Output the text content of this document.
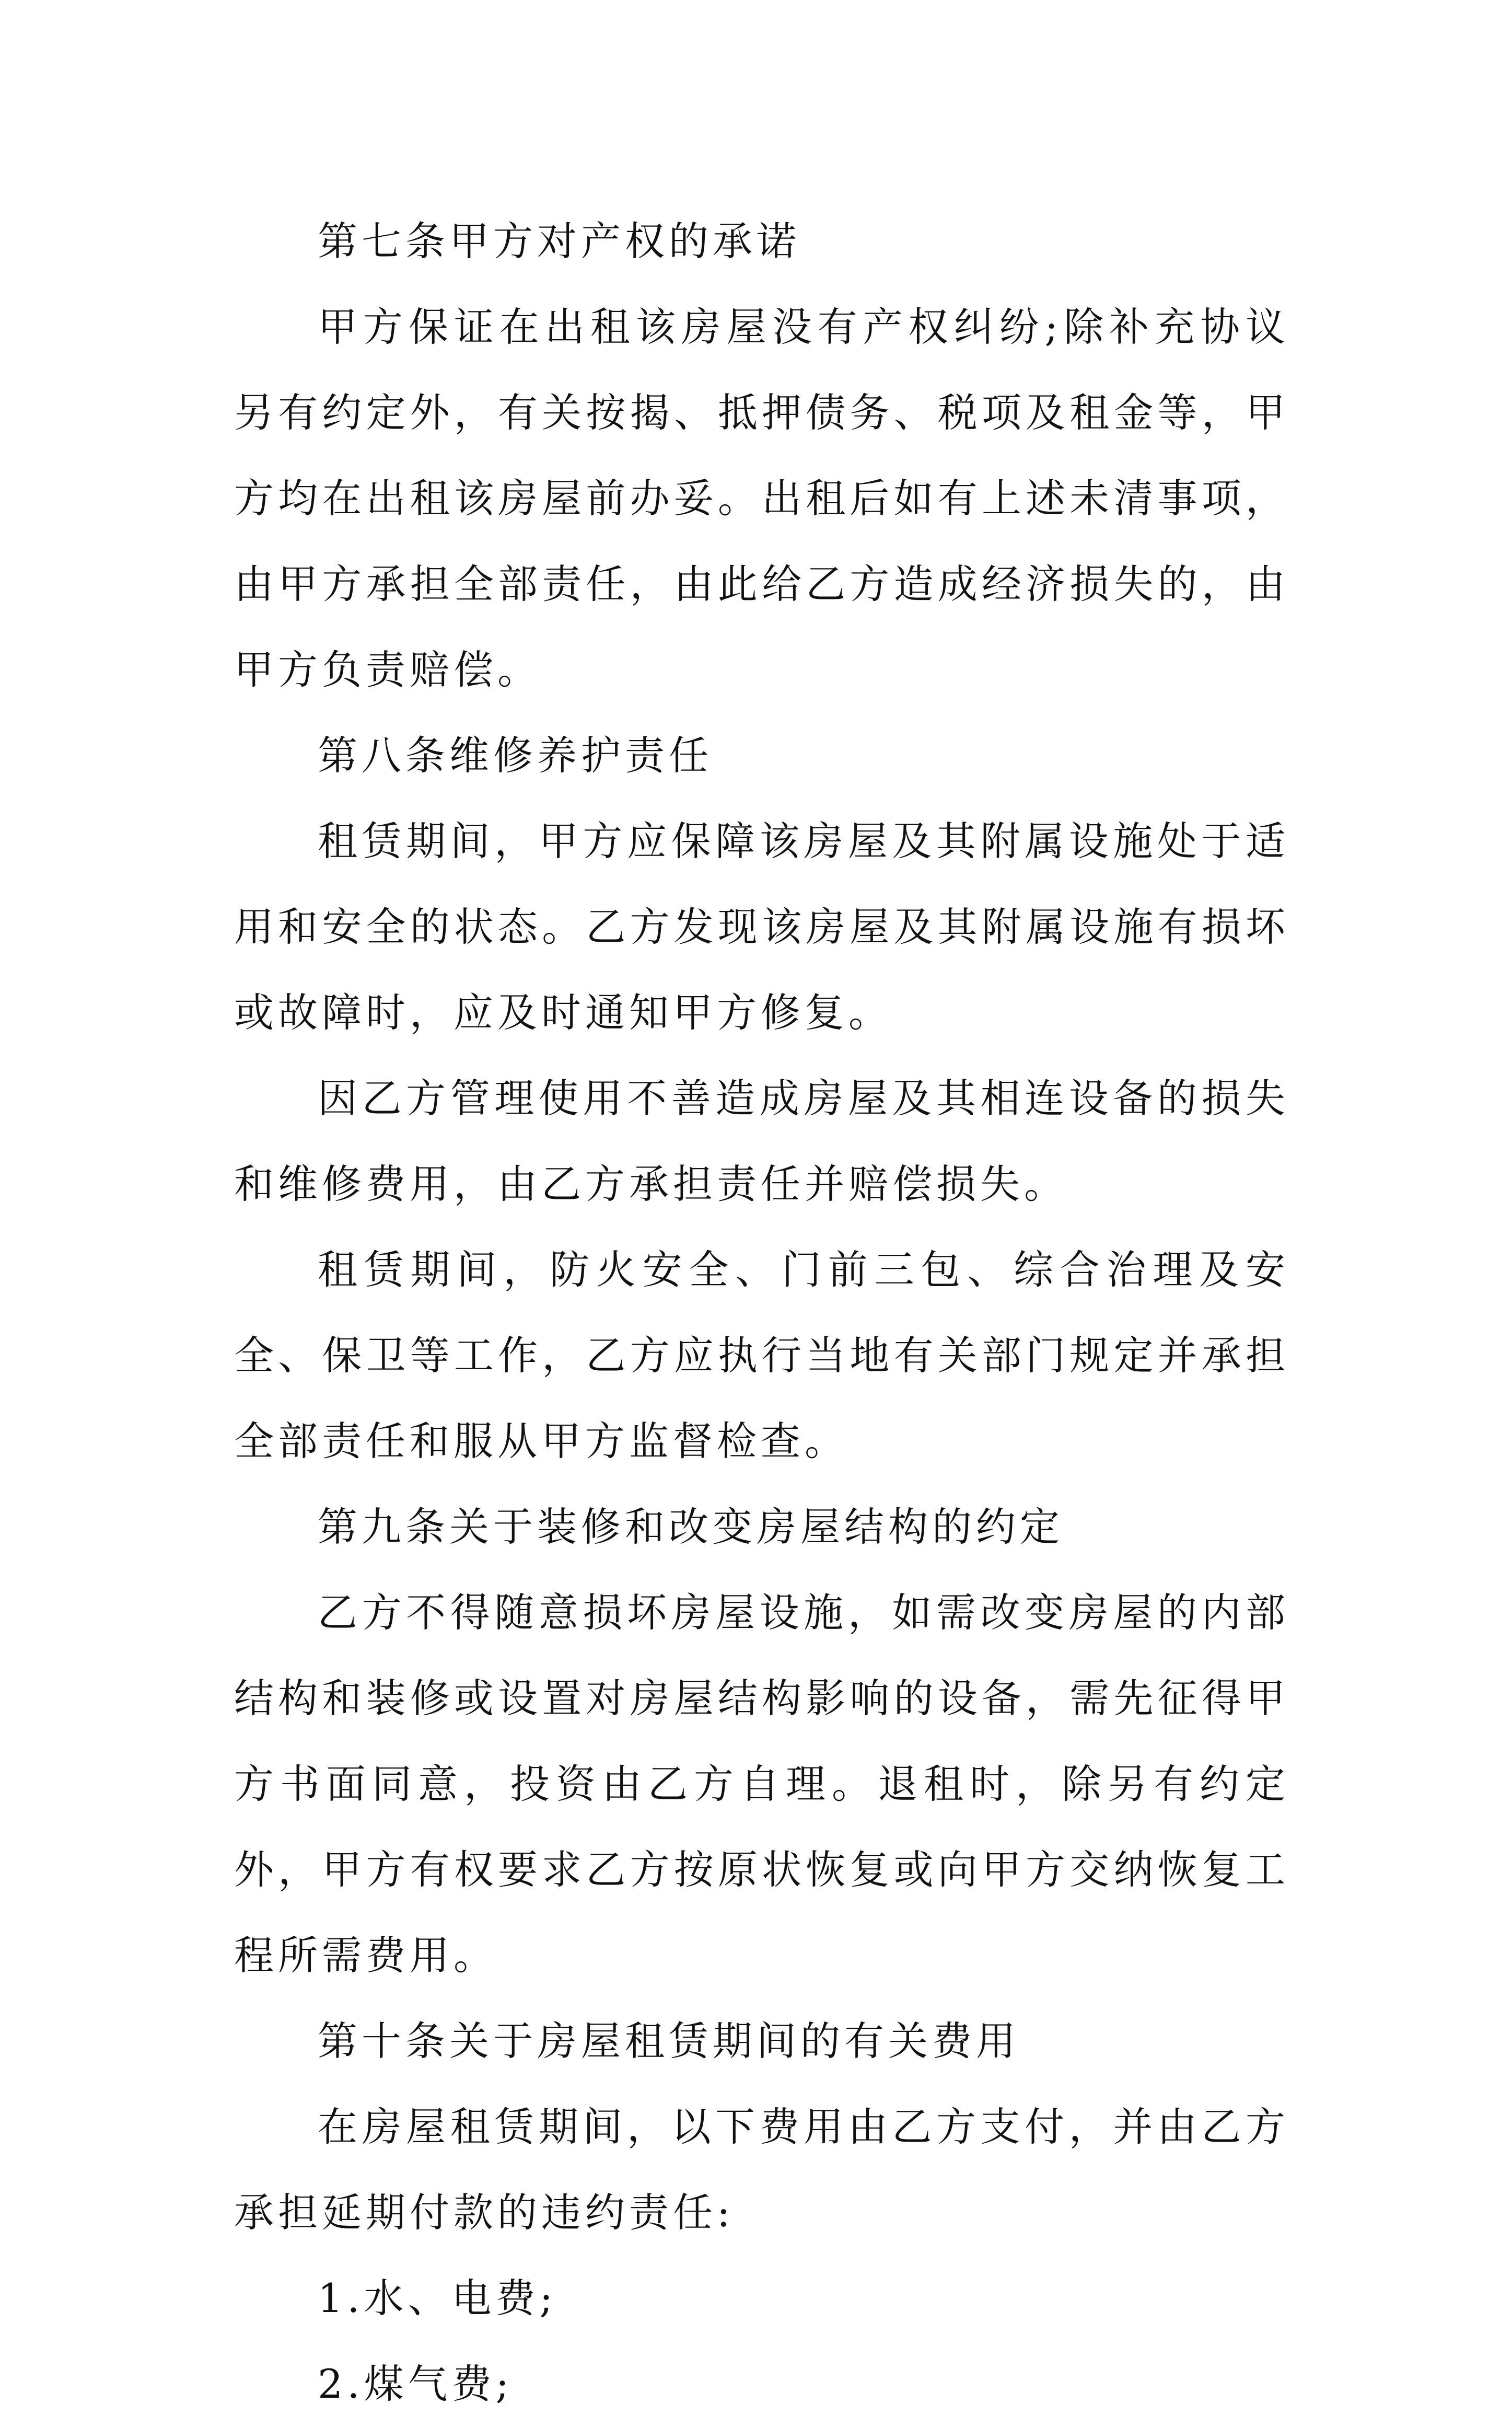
第七条甲方对产权的承诺

甲方保证在出租该房屋没有产权纠纷;除补充协议另有约定外，有关按揭、抵押债务、税项及租金等，甲方均在出租该房屋前办妥。出租后如有上述未清事项，由甲方承担全部责任，由此给乙方造成经济损失的，由甲方负责赔偿。

第八条维修养护责任

租赁期间，甲方应保障该房屋及其附属设施处于适用和安全的状态。乙方发现该房屋及其附属设施有损坏或故障时，应及时通知甲方修复。

因乙方管理使用不善造成房屋及其相连设备的损失和维修费用，由乙方承担责任并赔偿损失。

租赁期间，防火安全、门前三包、综合治理及安全、保卫等工作，乙方应执行当地有关部门规定并承担全部责任和服从甲方监督检查。

第九条关于装修和改变房屋结构的约定

乙方不得随意损坏房屋设施，如需改变房屋的内部结构和装修或设置对房屋结构影响的设备，需先征得甲方书面同意，投资由乙方自理。退租时，除另有约定外，甲方有权要求乙方按原状恢复或向甲方交纳恢复工程所需费用。

第十条关于房屋租赁期间的有关费用

在房屋租赁期间，以下费用由乙方支付，并由乙方承担延期付款的违约责任:

1.水、电费;

2.煤气费;
